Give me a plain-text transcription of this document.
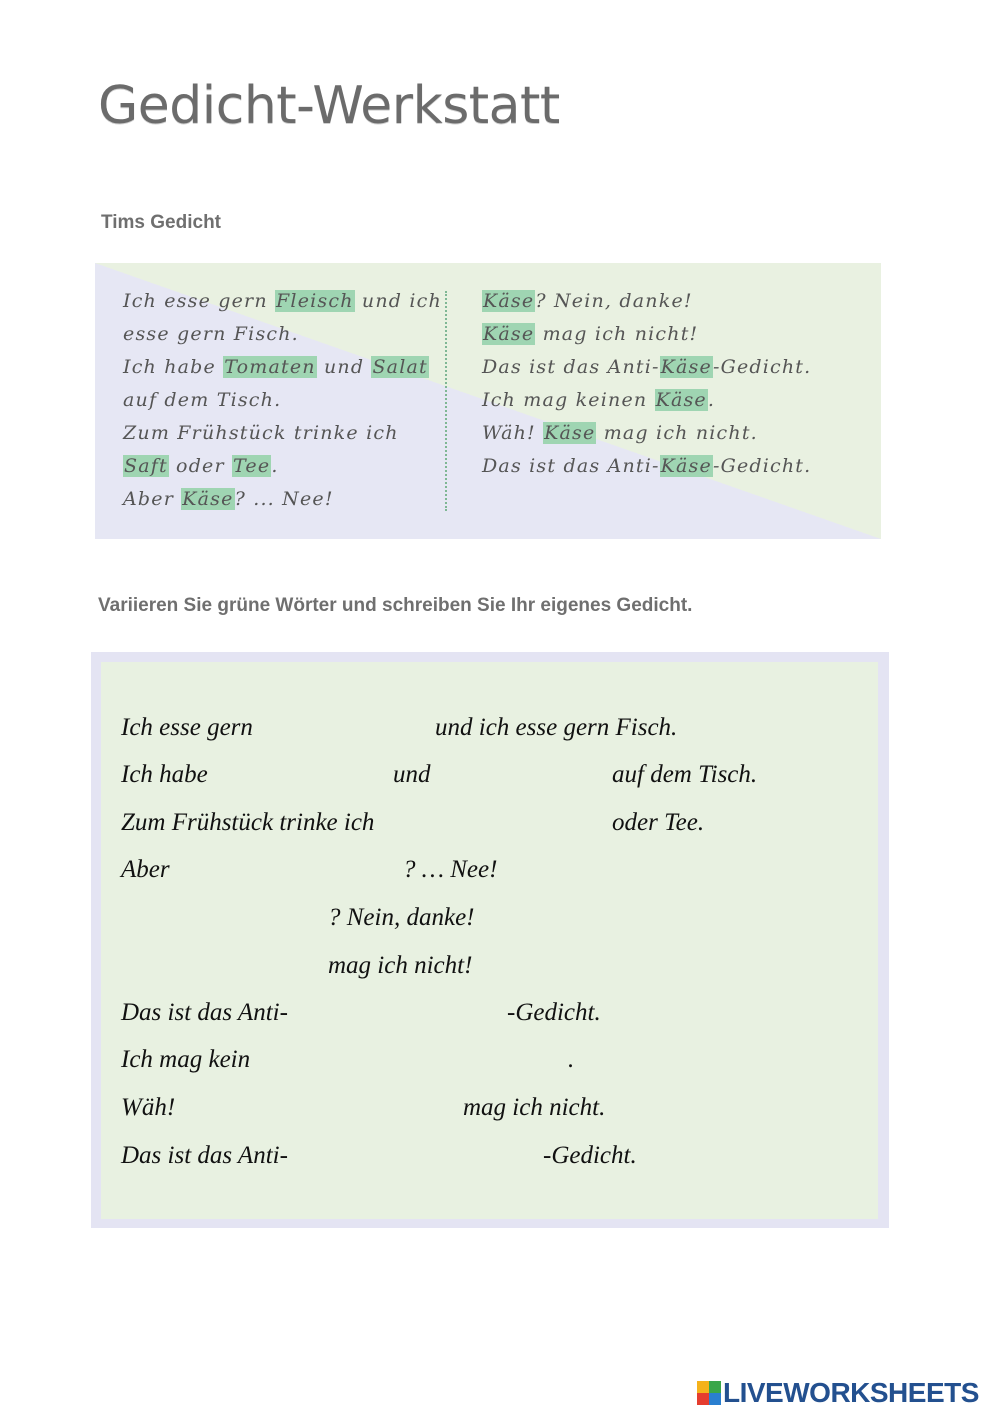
Gedicht-Werkstatt
Tims Gedicht
Ich esse gern Fleisch und ich
esse gern Fisch.
Ich habe Tomaten und Salat
auf dem Tisch.
Zum Frühstück trinke ich
Saft oder Tee.
Aber Käse? ... Nee!
Käse? Nein, danke!
Käse mag ich nicht!
Das ist das Anti-Käse-Gedicht.
Ich mag keinen Käse.
Wäh! Käse mag ich nicht.
Das ist das Anti-Käse-Gedicht.
Variieren Sie grüne Wörter und schreiben Sie Ihr eigenes Gedicht.
Ich esse gern	und ich esse gern Fisch.
Ich habe	und	auf dem Tisch.
Zum Frühstück trinke ich	oder Tee.
Aber	? … Nee!
? Nein, danke!
mag ich nicht!
Das ist das Anti-	-Gedicht.
Ich mag kein	.
Wäh!	mag ich nicht.
Das ist das Anti-	-Gedicht.
LIVEWORKSHEETS
